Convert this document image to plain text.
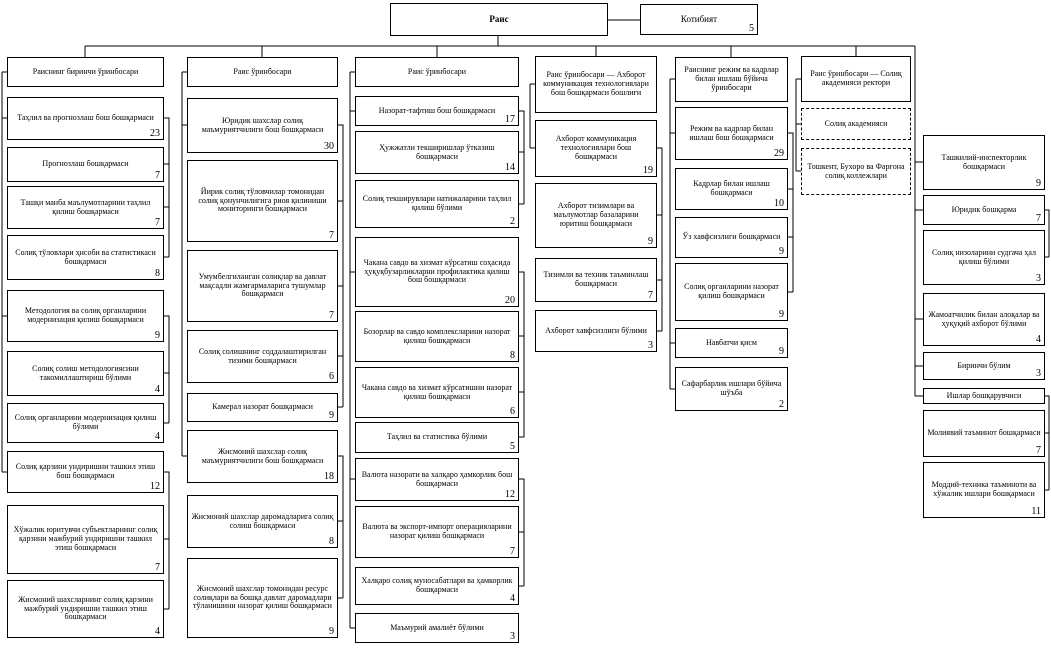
Раис	Котибият
5
Раиснинг биринчи ўринбосари
Таҳлил ва прогнозлаш бош бошқармаси
23
Прогнозлаш бошқармаси
7
Ташқи манба маълумотларини таҳлил қилиш бошқармаси
7
Солиқ тўловлари ҳисоби ва статистикаси бошқармаси
8
Методология ва солиқ органларини модернизация қилиш бошқармаси
9
Солиқ солиш методологиясини такомиллаштириш бўлими
4
Солиқ органларини модернизация қилиш бўлими
4
Солиқ қарзини ундиришни ташкил этиш бош бошқармаси
12
Хўжалик юритувчи субъектларнинг солиқ қарзини мажбурий ундиришни ташкил этиш бошқармаси
7
Жисмоний шахсларнинг солиқ қарзини мажбурий ундиришни ташкил этиш бошқармаси
4
Раис ўринбосари
Юридик шахслар солиқ маъмуриятчилиги бош бошқармаси
30
Йирик солиқ тўловчилар томонидан солиқ қонунчилигига риоя қилиниши мониторинги бошқармаси
7
Умумбелгиланган солиқлар ва давлат мақсадли жамғармаларига тушумлар бошқармаси
7
Солиқ солишнинг соддалаштирилган тизими бошқармаси
6
Камерал назорат бошқармаси
9
Жисмоний шахслар солиқ маъмуриятчилиги бош бошқармаси
18
Жисмоний шахслар даромадларига солиқ солиш бошқармаси
8
Жисмоний шахслар томонидан ресурс солиқлари ва бошқа давлат даромадлари тўланишини назорат қилиш бошқармаси
9
Раис ўринбосари
Назорат-тафтиш бош бошқармаси
17
Ҳужжатли текширишлар ўтказиш бошқармаси
14
Солиқ текширувлари натижаларини таҳлил қилиш бўлими
2
Чакана савдо ва хизмат кўрсатиш соҳасида ҳуқуқбузарликларни профилактика қилиш бош бошқармаси
20
Бозорлар ва савдо комплексларини назорат қилиш бошқармаси
8
Чакана савдо ва хизмат кўрсатишни назорат қилиш бошқармаси
6
Таҳлил ва статистика бўлими
5
Валюта назорати ва халқаро ҳамкорлик бош бошқармаси
12
Валюта ва экспорт-импорт операцияларини назорат қилиш бошқармаси
7
Халқаро солиқ муносабатлари ва ҳамкорлик бошқармаси
4
Маъмурий амалиёт бўлими
3
Раис ўринбосари — Ахборот коммуникация технологиялари бош бошқармаси бошлиғи
Ахборот коммуникация технологиялари бош бошқармаси
19
Ахборот тизимлари ва маълумотлар базаларини юритиш бошқармаси
9
Тизимли ва техник таъминлаш бошқармаси
7
Ахборот хавфсизлиги бўлими
3
Раиснинг режим ва кадрлар билан ишлаш бўйича ўринбосари
Режим ва кадрлар билан ишлаш бош бошқармаси
29
Кадрлар билан ишлаш бошқармаси
10
Ўз хавфсизлиги бошқармаси
9
Солиқ органларини назорат қилиш бошқармаси
9
Навбатчи қисм
9
Сафарбарлик ишлари бўйича шўъба
2
Раис ўринбосари — Солиқ академияси ректори
Солиқ академияси
Тошкент, Бухоро ва Фарғона солиқ коллежлари
Ташкилий-инспекторлик бошқармаси
9
Юридик бошқарма
7
Солиқ низоларини судгача ҳал қилиш бўлими
3
Жамоатчилик билан алоқалар ва ҳуқуқий ахборот бўлими
4
Биринчи бўлим
3
Ишлар бошқарувчиси
Молиявий таъминот бошқармаси
7
Моддий-техника таъминоти ва хўжалик ишлари бошқармаси
11
